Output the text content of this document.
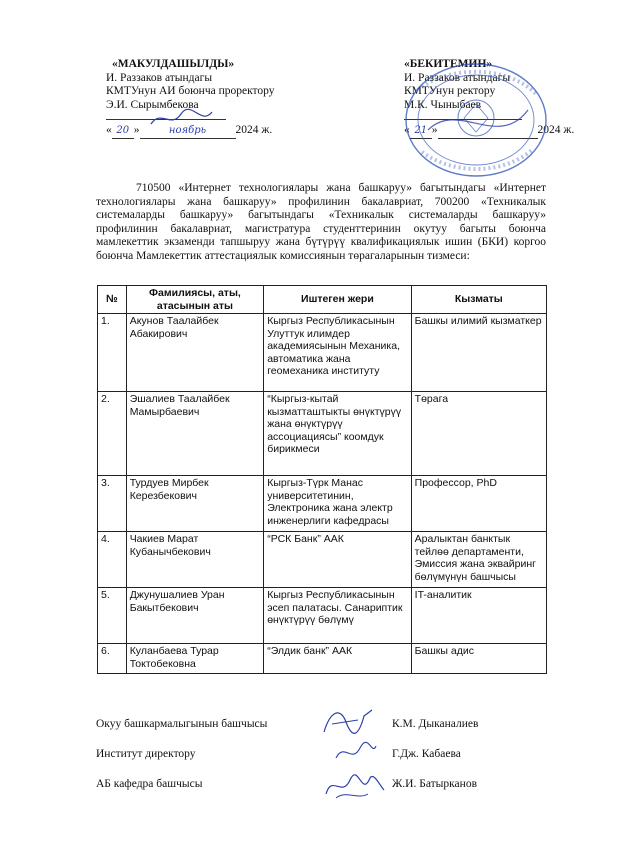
«МАКУЛДАШЫЛДЫ»
И. Раззаков атындагы
КМТУнун АИ боюнча проректору
Э.И. Сырымбекова
« 20 »	ноябрь	2024 ж.
«БЕКИТЕМИН»
И. Раззаков атындагы
КМТУнун ректору
М.К. Чыныбаев
« 21 »	2024 ж.
710500 «Интернет технологиялары жана башкаруу» багытындагы «Интернет технологиялары жана башкаруу» профилинин бакалавриат, 700200 «Техникалык системаларды башкаруу» багытындагы «Техникалык системаларды башкаруу» профилинин бакалавриат, магистратура студенттеринин окутуу багыты боюнча мамлекеттик экзаменди тапшыруу жана бүтүрүү квалификациялык ишин (БКИ) коргоо боюнча Мамлекеттик аттестациялык комиссиянын төрагаларынын тизмеси:
№	Фамилиясы, аты, атасынын аты	Иштеген жери	Кызматы
1.	Акунов Таалайбек Абакирович	Кыргыз Республикасынын Улуттук илимдер академиясынын Механика, автоматика жана геомеханика институту	Башкы илимий кызматкер
2.	Эшалиев Таалайбек Мамырбаевич	“Кыргыз-кытай кызматташтыкты өнүктүрүү жана өнүктүрүү ассоциациясы” коомдук бирикмеси	Төрага
3.	Турдуев Мирбек Керезбекович	Кыргыз-Түрк Манас университетинин, Электроника жана электр инженерлиги кафедрасы	Профессор, PhD
4.	Чакиев Марат Кубанычбекович	“РСК Банк” ААК	Аралыктан банктык тейлөө департаменти, Эмиссия жана эквайринг бөлүмүнүн башчысы
5.	Джунушалиев Уран Бакытбекович	Кыргыз Республикасынын эсеп палатасы. Санариптик өнүктүрүү бөлүмү	IT-аналитик
6.	Куланбаева Турар Токтобековна	“Элдик банк” ААК	Башкы адис
Окуу башкармалыгынын башчысы	К.М. Дыканалиев
Институт директору	Г.Дж. Кабаева
АБ кафедра башчысы	Ж.И. Батырканов
